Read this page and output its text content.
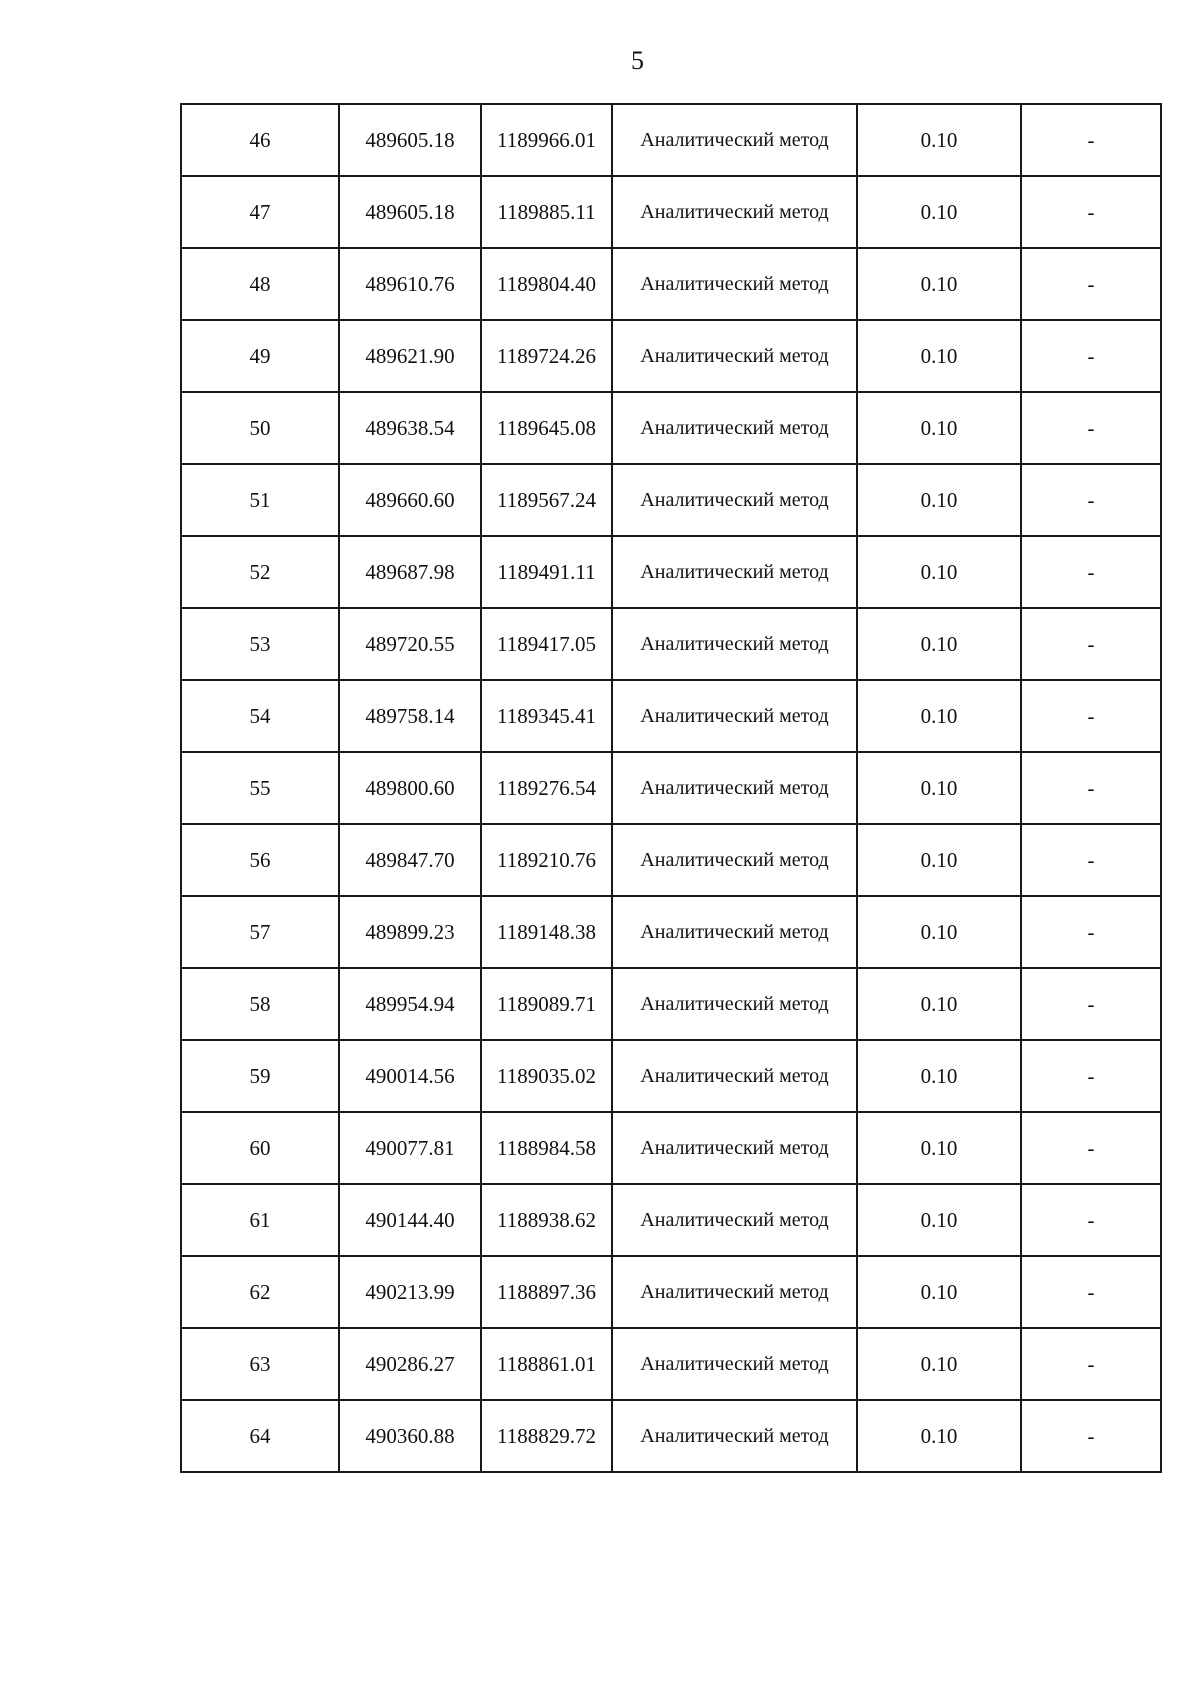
5
46	489605.18	1189966.01	Аналитический метод	0.10	-
47	489605.18	1189885.11	Аналитический метод	0.10	-
48	489610.76	1189804.40	Аналитический метод	0.10	-
49	489621.90	1189724.26	Аналитический метод	0.10	-
50	489638.54	1189645.08	Аналитический метод	0.10	-
51	489660.60	1189567.24	Аналитический метод	0.10	-
52	489687.98	1189491.11	Аналитический метод	0.10	-
53	489720.55	1189417.05	Аналитический метод	0.10	-
54	489758.14	1189345.41	Аналитический метод	0.10	-
55	489800.60	1189276.54	Аналитический метод	0.10	-
56	489847.70	1189210.76	Аналитический метод	0.10	-
57	489899.23	1189148.38	Аналитический метод	0.10	-
58	489954.94	1189089.71	Аналитический метод	0.10	-
59	490014.56	1189035.02	Аналитический метод	0.10	-
60	490077.81	1188984.58	Аналитический метод	0.10	-
61	490144.40	1188938.62	Аналитический метод	0.10	-
62	490213.99	1188897.36	Аналитический метод	0.10	-
63	490286.27	1188861.01	Аналитический метод	0.10	-
64	490360.88	1188829.72	Аналитический метод	0.10	-
